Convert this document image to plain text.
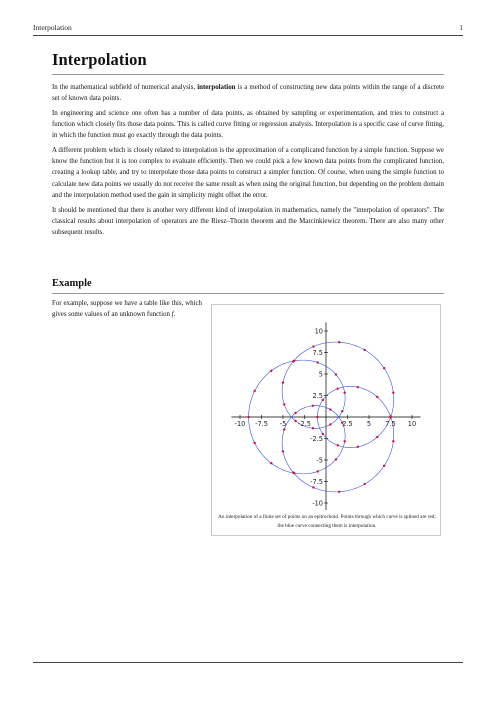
Interpolation	1
Interpolation

In the mathematical subfield of numerical analysis, interpolation is a method of constructing new data points within the range of a discrete set of known data points.

In engineering and science one often has a number of data points, as obtained by sampling or experimentation, and tries to construct a function which closely fits those data points. This is called curve fitting or regression analysis. Interpolation is a specific case of curve fitting, in which the function must go exactly through the data points.

A different problem which is closely related to interpolation is the approximation of a complicated function by a simple function. Suppose we know the function but it is too complex to evaluate efficiently. Then we could pick a few known data points from the complicated function, creating a lookup table, and try to interpolate those data points to construct a simpler function. Of course, when using the simple function to calculate new data points we usually do not receive the same result as when using the original function, but depending on the problem domain and the interpolation method used the gain in simplicity might offset the error.

It should be mentioned that there is another very different kind of interpolation in mathematics, namely the "interpolation of operators". The classical results about interpolation of operators are the Riesz–Thorin theorem and the Marcinkiewicz theorem. There are also many other subsequent results.

Example

For example, suppose we have a table like this, which gives some values of an unknown function f.

-10 -7.5 -5 -2.5	2.5 5 7.5 10
10
7.5
5
2.5
-2.5
-5
-7.5
-10
An interpolation of a finite set of points on an epitrochoid. Points through which curve is splined are red; the blue curve connecting them is interpolation.
